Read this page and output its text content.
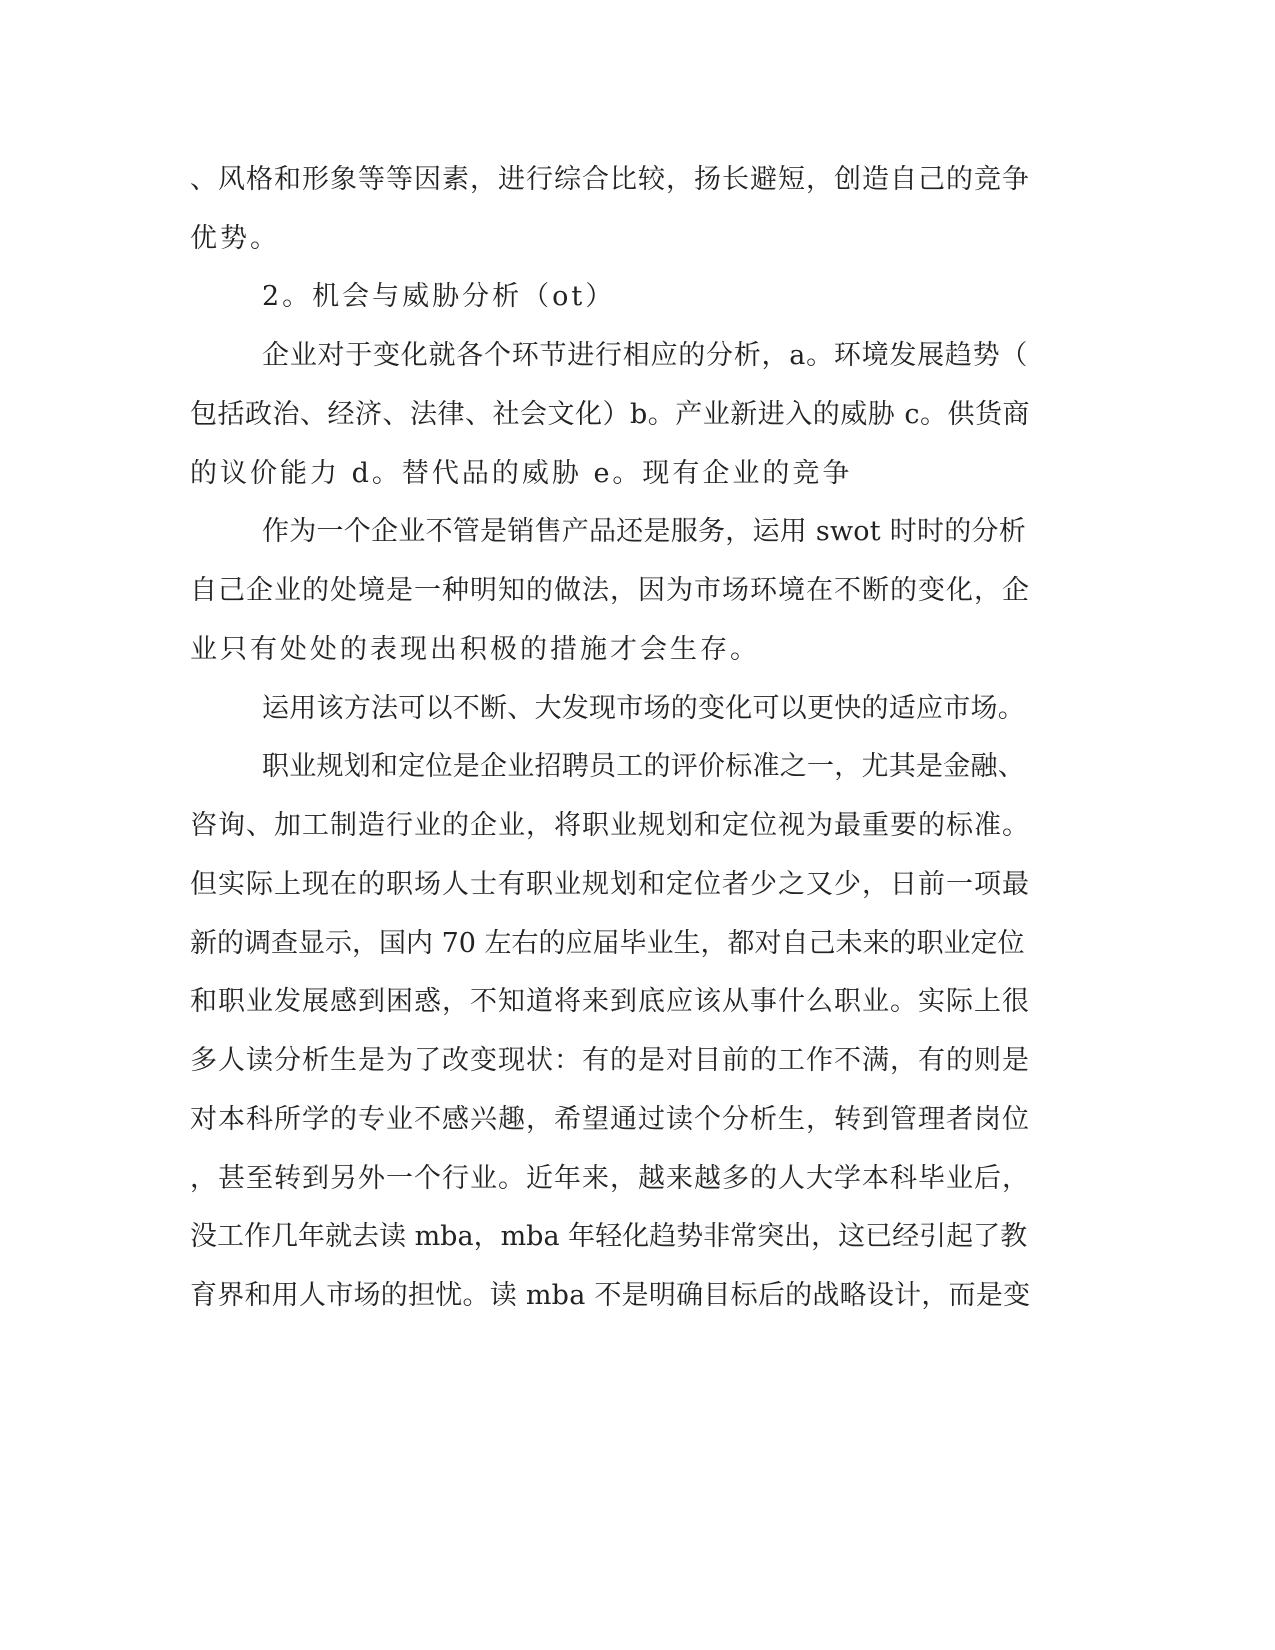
、风格和形象等等因素，进行综合比较，扬长避短，创造自己的竞争

优势。

2。机会与威胁分析（ot）

企业对于变化就各个环节进行相应的分析，a。环境发展趋势（

包括政治、经济、法律、社会文化）b。产业新进入的威胁 c。供货商

的议价能力 d。替代品的威胁 e。现有企业的竞争

作为一个企业不管是销售产品还是服务，运用 swot 时时的分析

自己企业的处境是一种明知的做法，因为市场环境在不断的变化，企

业只有处处的表现出积极的措施才会生存。

运用该方法可以不断、大发现市场的变化可以更快的适应市场。

职业规划和定位是企业招聘员工的评价标准之一，尤其是金融、

咨询、加工制造行业的企业，将职业规划和定位视为最重要的标准。

但实际上现在的职场人士有职业规划和定位者少之又少，日前一项最

新的调查显示，国内 70 左右的应届毕业生，都对自己未来的职业定位

和职业发展感到困惑，不知道将来到底应该从事什么职业。实际上很

多人读分析生是为了改变现状：有的是对目前的工作不满，有的则是

对本科所学的专业不感兴趣，希望通过读个分析生，转到管理者岗位

，甚至转到另外一个行业。近年来，越来越多的人大学本科毕业后，

没工作几年就去读 mba，mba 年轻化趋势非常突出，这已经引起了教

育界和用人市场的担忧。读 mba 不是明确目标后的战略设计，而是变
